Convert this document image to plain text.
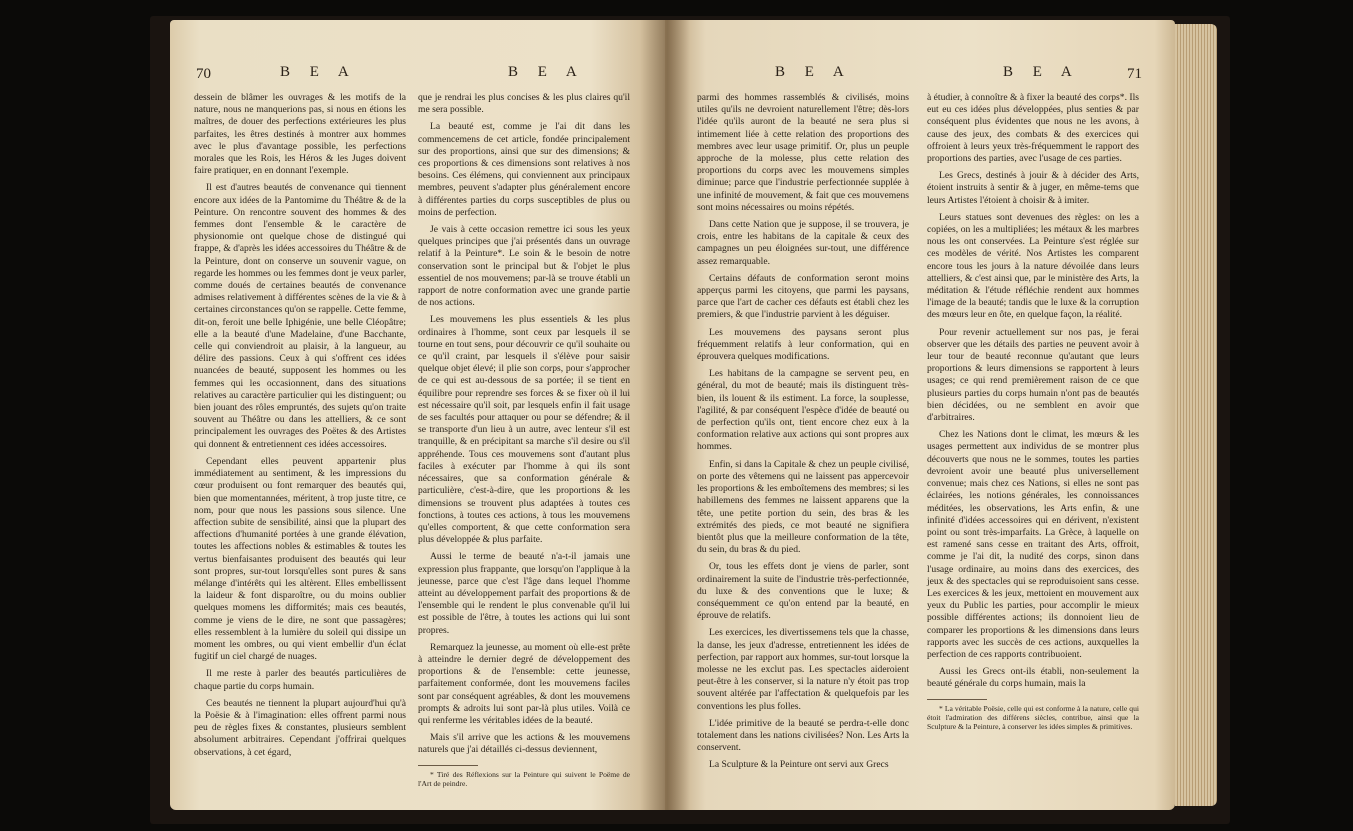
70	B E A	B E A

dessein de blâmer les ouvrages & les motifs de la nature, nous ne manquerions pas, si nous en étions les maîtres, de douer des perfections extérieures les plus parfaites, les êtres destinés à montrer aux hommes avec le plus d'avantage possible, les perfections morales que les Rois, les Héros & les Juges doivent faire pratiquer, en en donnant l'exemple.

Il est d'autres beautés de convenance qui tiennent encore aux idées de la Pantomime du Théâtre & de la Peinture. On rencontre souvent des hommes & des femmes dont l'ensemble & le caractère de physionomie ont quelque chose de distingué qui frappe, & d'après les idées accessoires du Théâtre & de la Peinture, dont on conserve un souvenir vague, on regarde les hommes ou les femmes dont je veux parler, comme doués de certaines beautés de convenance admises relativement à différentes scènes de la vie & à certaines circonstances qu'on se rappelle. Cette femme, dit-on, feroit une belle Iphigénie, une belle Cléopâtre; elle a la beauté d'une Madelaine, d'une Bacchante, celle qui conviendroit au plaisir, à la langueur, au délire des passions. Ceux à qui s'offrent ces idées nuancées de beauté, supposent les hommes ou les femmes qui les occasionnent, dans des situations relatives au caractère particulier qui les distinguent; ou bien jouant des rôles empruntés, des sujets qu'on traite souvent au Théâtre ou dans les attelliers, & ce sont principalement les ouvrages des Poëtes & des Artistes qui donnent & entretiennent ces idées accessoires.

Cependant elles peuvent appartenir plus immédiatement au sentiment, & les impressions du cœur produisent ou font remarquer des beautés qui, bien que momentannées, méritent, à trop juste titre, ce nom, pour que nous les passions sous silence. Une affection subite de sensibilité, ainsi que la plupart des affections d'humanité portées à une grande élévation, toutes les affections nobles & estimables & toutes les vertus bienfaisantes produisent des beautés qui leur sont propres, sur-tout lorsqu'elles sont pures & sans mélange d'intérêts qui les altèrent. Elles embellissent la laideur & font disparoître, ou du moins oublier quelques momens les difformités; mais ces beautés, comme je viens de le dire, ne sont que passagères; elles ressemblent à la lumière du soleil qui dissipe un moment les ombres, ou qui vient embellir d'un éclat fugitif un ciel chargé de nuages.

Il me reste à parler des beautés particulières de chaque partie du corps humain.

Ces beautés ne tiennent la plupart aujourd'hui qu'à la Poësie & à l'imagination: elles offrent parmi nous peu de règles fixes & constantes, plusieurs semblent absolument arbitraires. Cependant j'offrirai quelques observations, à cet égard,

que je rendrai les plus concises & les plus claires qu'il me sera possible.

La beauté est, comme je l'ai dit dans les commencemens de cet article, fondée principalement sur des proportions, ainsi que sur des dimensions; & ces proportions & ces dimensions sont relatives à nos besoins. Ces élémens, qui conviennent aux principaux membres, peuvent s'adapter plus généralement encore à différentes parties du corps susceptibles de plus ou moins de perfection.

Je vais à cette occasion remettre ici sous les yeux quelques principes que j'ai présentés dans un ouvrage relatif à la Peinture*. Le soin & le besoin de notre conservation sont le principal but & l'objet le plus essentiel de nos mouvemens; par-là se trouve établi un rapport de notre conformation avec une grande partie de nos actions.

Les mouvemens les plus essentiels & les plus ordinaires à l'homme, sont ceux par lesquels il se tourne en tout sens, pour découvrir ce qu'il souhaite ou ce qu'il craint, par lesquels il s'élève pour saisir quelque objet élevé; il plie son corps, pour s'approcher de ce qui est au-dessous de sa portée; il se tient en équilibre pour reprendre ses forces & se fixer où il lui est nécessaire qu'il soit, par lesquels enfin il fait usage de ses facultés pour attaquer ou pour se défendre; & il se transporte d'un lieu à un autre, avec lenteur s'il est tranquille, & en précipitant sa marche s'il desire ou s'il appréhende. Tous ces mouvemens sont d'autant plus faciles à exécuter par l'homme à qui ils sont nécessaires, que sa conformation générale & particulière, c'est-à-dire, que les proportions & les dimensions se trouvent plus adaptées à toutes ces fonctions, à toutes ces actions, à tous les mouvemens qu'elles comportent, & que cette conformation sera plus développée & plus parfaite.

Aussi le terme de beauté n'a-t-il jamais une expression plus frappante, que lorsqu'on l'applique à la jeunesse, parce que c'est l'âge dans lequel l'homme atteint au développement parfait des proportions & de l'ensemble qui le rendent le plus convenable qu'il lui est possible de l'être, à toutes les actions qui lui sont propres.

Remarquez la jeunesse, au moment où elle-est prête à atteindre le dernier degré de développement des proportions & de l'ensemble: cette jeunesse, parfaitement conformée, dont les mouvemens faciles sont par conséquent agréables, & dont les mouvemens prompts & adroits lui sont par-là plus utiles. Voilà ce qui renferme les véritables idées de la beauté.

Mais s'il arrive que les actions & les mouvemens naturels que j'ai détaillés ci-dessus deviennent,

* Tiré des Réflexions sur la Peinture qui suivent le Poëme de l'Art de peindre.

B E A	B E A	71

parmi des hommes rassemblés & civilisés, moins utiles qu'ils ne devroient naturellement l'être; dès-lors l'idée qu'ils auront de la beauté ne sera plus si intimement liée à cette relation des proportions des membres avec leur usage primitif. Or, plus un peuple approche de la molesse, plus cette relation des proportions du corps avec les mouvemens simples diminue; parce que l'industrie perfectionnée supplée à une infinité de mouvement, & fait que ces mouvemens sont moins nécessaires ou moins répétés.

Dans cette Nation que je suppose, il se trouvera, je crois, entre les habitans de la capitale & ceux des campagnes un peu éloignées sur-tout, une différence assez remarquable.

Certains défauts de conformation seront moins apperçus parmi les citoyens, que parmi les paysans, parce que l'art de cacher ces défauts est établi chez les premiers, & que l'industrie parvient à les déguiser.

Les mouvemens des paysans seront plus fréquemment relatifs à leur conformation, qui en éprouvera quelques modifications.

Les habitans de la campagne se servent peu, en général, du mot de beauté; mais ils distinguent très-bien, ils louent & ils estiment. La force, la souplesse, l'agilité, & par conséquent l'espèce d'idée de beauté ou de perfection qu'ils ont, tient encore chez eux à la conformation relative aux actions qui sont propres aux hommes.

Enfin, si dans la Capitale & chez un peuple civilisé, on porte des vêtemens qui ne laissent pas appercevoir les proportions & les emboîtemens des membres; si les habillemens des femmes ne laissent apparens que la tête, une petite portion du sein, des bras & les extrémités des pieds, ce mot beauté ne signifiera bientôt plus que la meilleure conformation de la tête, du sein, du bras & du pied.

Or, tous les effets dont je viens de parler, sont ordinairement la suite de l'industrie très-perfectionnée, du luxe & des conventions que le luxe; & conséquemment ce qu'on entend par la beauté, en éprouve de relatifs.

Les exercices, les divertissemens tels que la chasse, la danse, les jeux d'adresse, entretiennent les idées de perfection, par rapport aux hommes, sur-tout lorsque la molesse ne les exclut pas. Les spectacles aideroient peut-être à les conserver, si la nature n'y étoit pas trop souvent altérée par l'affectation & quelquefois par les conventions les plus folles.

L'idée primitive de la beauté se perdra-t-elle donc totalement dans les nations civilisées? Non. Les Arts la conservent.

La Sculpture & la Peinture ont servi aux Grecs

à étudier, à connoître & à fixer la beauté des corps*. Ils eut eu ces idées plus développées, plus senties & par conséquent plus évidentes que nous ne les avons, à cause des jeux, des combats & des exercices qui offroient à leurs yeux très-fréquemment le rapport des proportions des parties, avec l'usage de ces parties.

Les Grecs, destinés à jouir & à décider des Arts, étoient instruits à sentir & à juger, en même-tems que leurs Artistes l'étoient à choisir & à imiter.

Leurs statues sont devenues des règles: on les a copiées, on les a multipliées; les métaux & les marbres nous les ont conservées. La Peinture s'est réglée sur ces modèles de vérité. Nos Artistes les comparent encore tous les jours à la nature dévoilée dans leurs attelliers, & c'est ainsi que, par le ministère des Arts, la méditation & l'étude réfléchie rendent aux hommes l'image de la beauté; tandis que le luxe & la corruption des mœurs leur en ôte, en quelque façon, la réalité.

Pour revenir actuellement sur nos pas, je ferai observer que les détails des parties ne peuvent avoir à leur tour de beauté reconnue qu'autant que leurs proportions & leurs dimensions se rapportent à leurs usages; ce qui rend premièrement raison de ce que plusieurs parties du corps humain n'ont pas de beautés bien décidées, ou ne semblent en avoir que d'arbitraires.

Chez les Nations dont le climat, les mœurs & les usages permettent aux individus de se montrer plus découverts que nous ne le sommes, toutes les parties devroient avoir une beauté plus universellement convenue; mais chez ces Nations, si elles ne sont pas éclairées, les notions générales, les connoissances méditées, les observations, les Arts enfin, & une infinité d'idées accessoires qui en dérivent, n'existent point ou sont très-imparfaits. La Grèce, à laquelle on est ramené sans cesse en traitant des Arts, offroit, comme je l'ai dit, la nudité des corps, sinon dans l'usage ordinaire, au moins dans des exercices, des jeux & des spectacles qui se reproduisoient sans cesse. Les exercices & les jeux, mettoient en mouvement aux yeux du Public les parties, pour accomplir le mieux possible différentes actions; ils donnoient lieu de comparer les proportions & les dimensions dans leurs rapports avec les succès de ces actions, auxquelles la perfection de ces rapports contribuoient.

Aussi les Grecs ont-ils établi, non-seulement la beauté générale du corps humain, mais la

* La véritable Poësie, celle qui est conforme à la nature, celle qui étoit l'admiration des différens siècles, contribue, ainsi que la Sculpture & la Peinture, à conserver les idées simples & primitives.
